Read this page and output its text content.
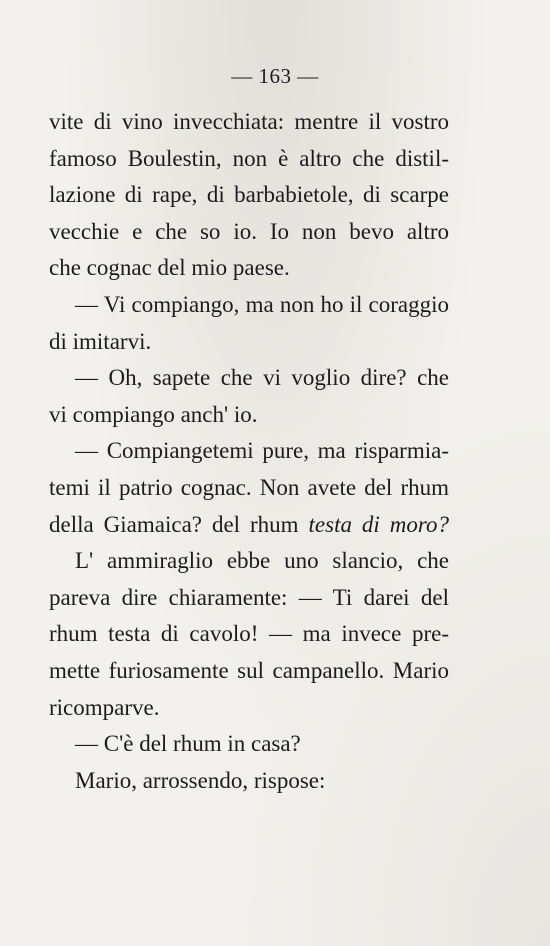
— 163 —
vite di vino invecchiata: mentre il vostro
famoso Boulestin, non è altro che distil-
lazione di rape, di barbabietole, di scarpe
vecchie e che so io. Io non bevo altro
che cognac del mio paese.
— Vi compiango, ma non ho il coraggio
di imitarvi.
— Oh, sapete che vi voglio dire? che
vi compiango anch' io.
— Compiangetemi pure, ma risparmia-
temi il patrio cognac. Non avete del rhum
della Giamaica? del rhum testa di moro?
L' ammiraglio ebbe uno slancio, che
pareva dire chiaramente: — Ti darei del
rhum testa di cavolo! — ma invece pre-
mette furiosamente sul campanello. Mario
ricomparve.
— C'è del rhum in casa?
Mario, arrossendo, rispose:
